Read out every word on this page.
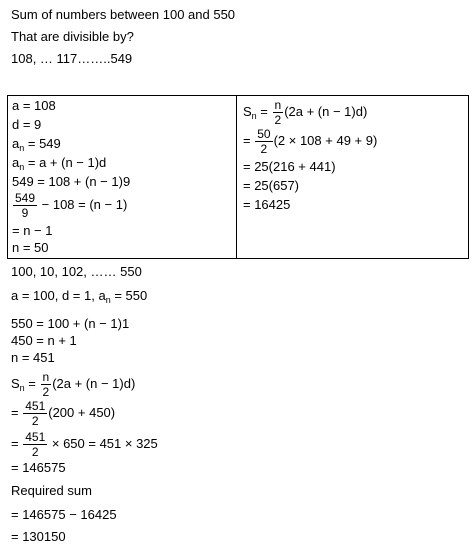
Sum of numbers between 100 and 550
That are divisible by?
108, … 117……..549
a = 108
d = 9
$a_n = 549$
$a_n = a + (n - 1)d$
549 = 108 + (n − 1)9
$\frac{549}{9} - 108 = (n - 1)$
= n − 1
n = 50
$S_n = \frac{n}{2} (2a + (n - 1)d)$
= $\frac{50}{2} (2 \times 108 + 49 + 9)$
= 25(216 + 441)
= 25(657)
= 16425
100, 10, 102, …… 550
a = 100, d = 1, $a_n = 550$
550 = 100 + (n − 1)1
450 = n + 1
n = 451
$S_n = \frac{n}{2} (2a + (n - 1)d)$
= $\frac{451}{2} (200 + 450)$
= $\frac{451}{2} \times 650 = 451 \times 325$
= 146575
Required sum
= 146575 − 16425
= 130150
